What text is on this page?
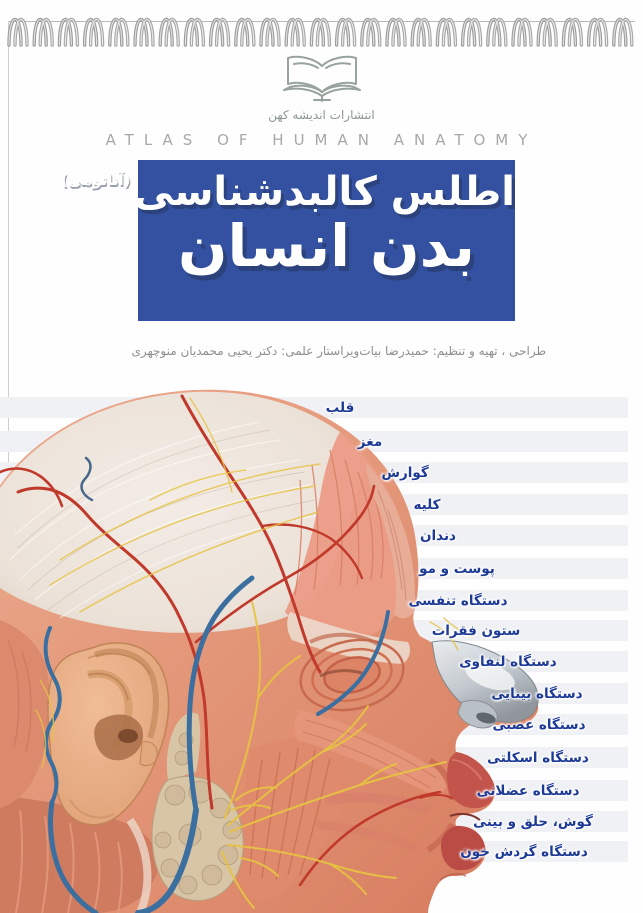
انتشارات اندیشه کهن
ATLAS OF HUMAN ANATOMY
اطلس کالبدشناسی$^{(آناتومی)}$
بدن انسان
طراحی ، تهیه و تنظیم: حمیدرضا بیات
ویراستار علمی: دکتر یحیی محمدیان منوچهری
قلب
مغز
گوارش
کلیه
دندان
پوست و مو
دستگاه تنفسی
ستون فقرات
دستگاه لنفاوی
دستگاه بینایی
دستگاه عصبی
دستگاه اسکلتی
دستگاه عضلانی
گوش، حلق و بینی
دستگاه گردش خون
